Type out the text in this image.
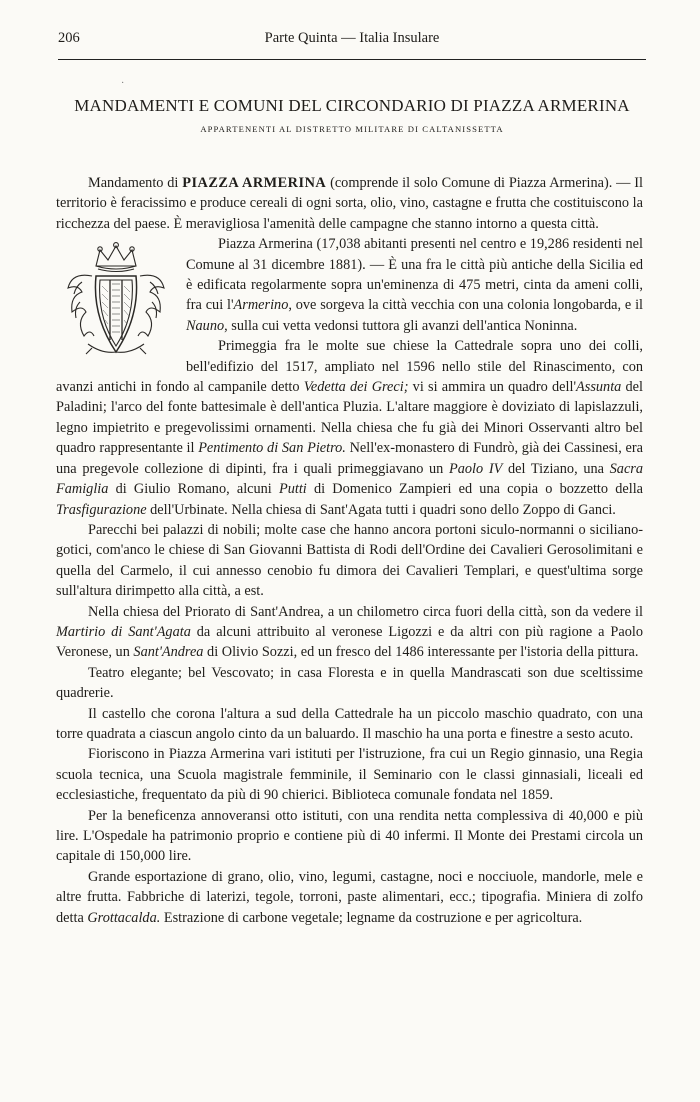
206	Parte Quinta — Italia Insulare
·
MANDAMENTI E COMUNI DEL CIRCONDARIO DI PIAZZA ARMERINA
APPARTENENTI AL DISTRETTO MILITARE DI CALTANISSETTA

Mandamento di PIAZZA ARMERINA (comprende il solo Comune di Piazza Armerina). — Il territorio è feracissimo e produce cereali di ogni sorta, olio, vino, castagne e frutta che costituiscono la ricchezza del paese. È meravigliosa l'amenità delle campagne che stanno intorno a questa città.

Piazza Armerina (17,038 abitanti presenti nel centro e 19,286 residenti nel Comune al 31 dicembre 1881). — È una fra le città più antiche della Sicilia ed è edificata regolarmente sopra un'eminenza di 475 metri, cinta da ameni colli, fra cui l'Armerino, ove sorgeva la città vecchia con una colonia longobarda, e il Nauno, sulla cui vetta vedonsi tuttora gli avanzi dell'antica Noninna.

Primeggia fra le molte sue chiese la Cattedrale sopra uno dei colli, bell'edifizio del 1517, ampliato nel 1596 nello stile del Rinascimento, con avanzi antichi in fondo al campanile detto Vedetta dei Greci; vi si ammira un quadro dell'Assunta del Paladini; l'arco del fonte battesimale è dell'antica Pluzia. L'altare maggiore è doviziato di lapislazzuli, legno impietrito e pregevolissimi ornamenti. Nella chiesa che fu già dei Minori Osservanti altro bel quadro rappresentante il Pentimento di San Pietro. Nell'ex-monastero di Fundrò, già dei Cassinesi, era una pregevole collezione di dipinti, fra i quali primeggiavano un Paolo IV del Tiziano, una Sacra Famiglia di Giulio Romano, alcuni Putti di Domenico Zampieri ed una copia o bozzetto della Trasfigurazione dell'Urbinate. Nella chiesa di Sant'Agata tutti i quadri sono dello Zoppo di Ganci.

Parecchi bei palazzi di nobili; molte case che hanno ancora portoni siculo-normanni o siciliano-gotici, com'anco le chiese di San Giovanni Battista di Rodi dell'Ordine dei Cavalieri Gerosolimitani e quella del Carmelo, il cui annesso cenobio fu dimora dei Cavalieri Templari, e quest'ultima sorge sull'altura dirimpetto alla città, a est.

Nella chiesa del Priorato di Sant'Andrea, a un chilometro circa fuori della città, son da vedere il Martirio di Sant'Agata da alcuni attribuito al veronese Ligozzi e da altri con più ragione a Paolo Veronese, un Sant'Andrea di Olivio Sozzi, ed un fresco del 1486 interessante per l'istoria della pittura.

Teatro elegante; bel Vescovato; in casa Floresta e in quella Mandrascati son due sceltissime quadrerie.

Il castello che corona l'altura a sud della Cattedrale ha un piccolo maschio quadrato, con una torre quadrata a ciascun angolo cinto da un baluardo. Il maschio ha una porta e finestre a sesto acuto.

Fioriscono in Piazza Armerina vari istituti per l'istruzione, fra cui un Regio ginnasio, una Regia scuola tecnica, una Scuola magistrale femminile, il Seminario con le classi ginnasiali, liceali ed ecclesiastiche, frequentato da più di 90 chierici. Biblioteca comunale fondata nel 1859.

Per la beneficenza annoveransi otto istituti, con una rendita netta complessiva di 40,000 e più lire. L'Ospedale ha patrimonio proprio e contiene più di 40 infermi. Il Monte dei Prestami circola un capitale di 150,000 lire.

Grande esportazione di grano, olio, vino, legumi, castagne, noci e nocciuole, mandorle, mele e altre frutta. Fabbriche di laterizi, tegole, torroni, paste alimentari, ecc.; tipografia. Miniera di zolfo detta Grottacalda. Estrazione di carbone vegetale; legname da costruzione e per agricoltura.
